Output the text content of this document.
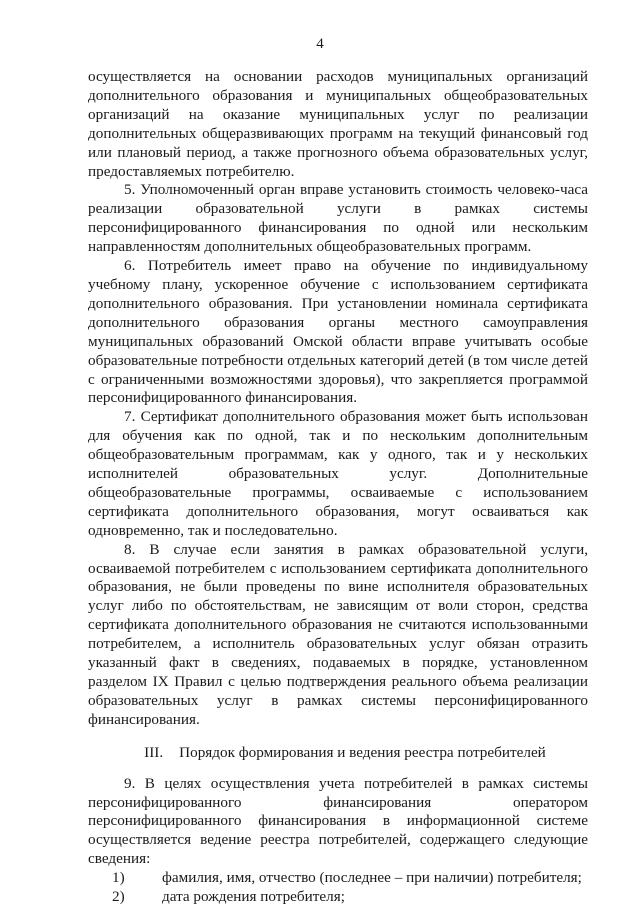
4

осуществляется на основании расходов муниципальных организаций дополнительного образования и муниципальных общеобразовательных организаций на оказание муниципальных услуг по реализации дополнительных общеразвивающих программ на текущий финансовый год или плановый период, а также прогнозного объема образовательных услуг, предоставляемых потребителю.

5. Уполномоченный орган вправе установить стоимость человеко-часа реализации образовательной услуги в рамках системы персонифицированного финансирования по одной или нескольким направленностям дополнительных общеобразовательных программ.

6. Потребитель имеет право на обучение по индивидуальному учебному плану, ускоренное обучение с использованием сертификата дополнительного образования. При установлении номинала сертификата дополнительного образования органы местного самоуправления муниципальных образований Омской области вправе учитывать особые образовательные потребности отдельных категорий детей (в том числе детей с ограниченными возможностями здоровья), что закрепляется программой персонифицированного финансирования.

7. Сертификат дополнительного образования может быть использован для обучения как по одной, так и по нескольким дополнительным общеобразовательным программам, как у одного, так и у нескольких исполнителей образовательных услуг. Дополнительные общеобразовательные программы, осваиваемые с использованием сертификата дополнительного образования, могут осваиваться как одновременно, так и последовательно.

8. В случае если занятия в рамках образовательной услуги, осваиваемой потребителем с использованием сертификата дополнительного образования, не были проведены по вине исполнителя образовательных услуг либо по обстоятельствам, не зависящим от воли сторон, средства сертификата дополнительного образования не считаются использованными потребителем, а исполнитель образовательных услуг обязан отразить указанный факт в сведениях, подаваемых в порядке, установленном разделом IX Правил с целью подтверждения реального объема реализации образовательных услуг в рамках системы персонифицированного финансирования.

III. Порядок формирования и ведения реестра потребителей

9. В целях осуществления учета потребителей в рамках системы персонифицированного финансирования оператором персонифицированного финансирования в информационной системе осуществляется ведение реестра потребителей, содержащего следующие сведения:

1)	фамилия, имя, отчество (последнее – при наличии) потребителя;
2)	дата рождения потребителя;
